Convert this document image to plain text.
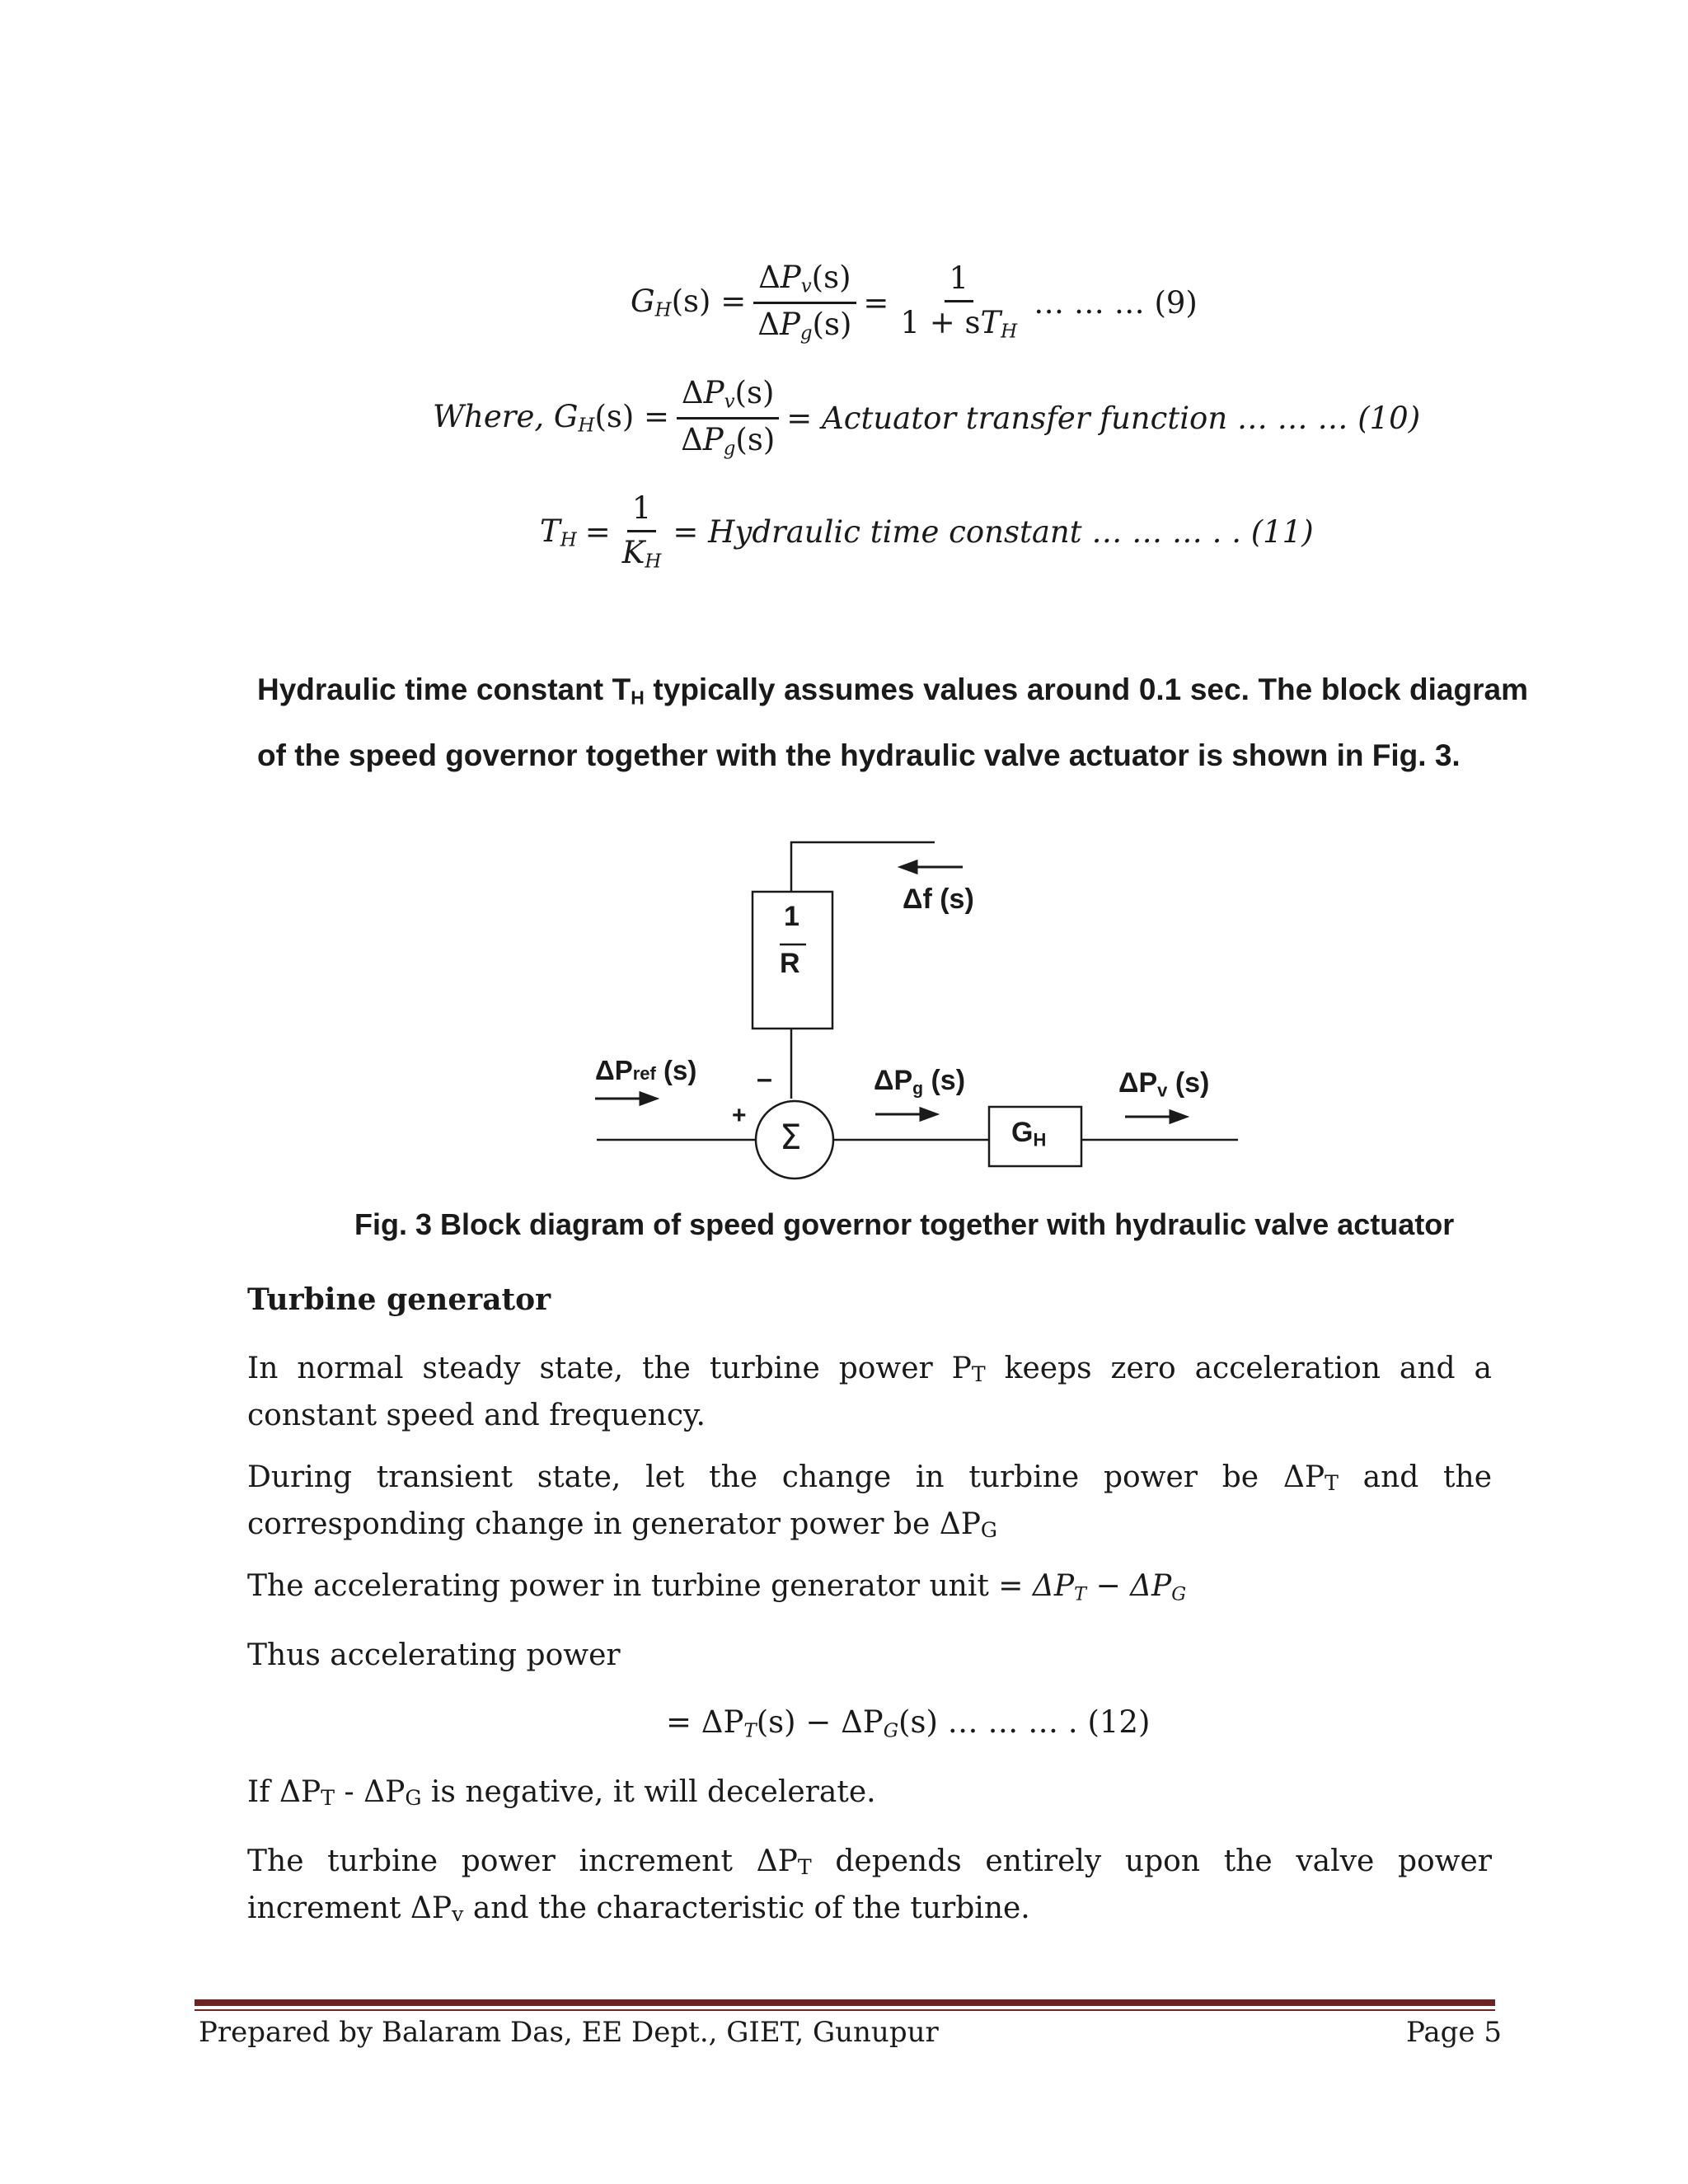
$G_H(s) = \frac{\Delta P_v(s)}{\Delta P_g(s)} = \frac{1}{1 + sT_H}$ … … … (9)
Where, $G_H(s) = \frac{\Delta P_v(s)}{\Delta P_g(s)}$ = Actuator transfer function … … … (10)
$T_H = \frac{1}{K_H}$ = Hydraulic time constant … … … . . (11)
Hydraulic time constant $T_H$ typically assumes values around 0.1 sec. The block diagram of the speed governor together with the hydraulic valve actuator is shown in Fig. 3.
Δf (s)
1
R
ΔPref (s) –
+
Σ
$\Delta P_g$ (s)
$G_H$
$\Delta P_v$ (s)
Fig. 3 Block diagram of speed governor together with hydraulic valve actuator
Turbine generator
In normal steady state, the turbine power $P_T$ keeps zero acceleration and a constant speed and frequency.
During transient state, let the change in turbine power be $\Delta P_T$ and the corresponding change in generator power be $\Delta P_G$
The accelerating power in turbine generator unit = $\Delta P_T - \Delta P_G$
Thus accelerating power
= $\Delta P_T(s) - \Delta P_G(s)$ … … … . (12)
If $\Delta P_T - \Delta P_G$ is negative, it will decelerate.
The turbine power increment $\Delta P_T$ depends entirely upon the valve power increment $\Delta P_v$ and the characteristic of the turbine.
Prepared by Balaram Das, EE Dept., GIET, Gunupur	Page 5
